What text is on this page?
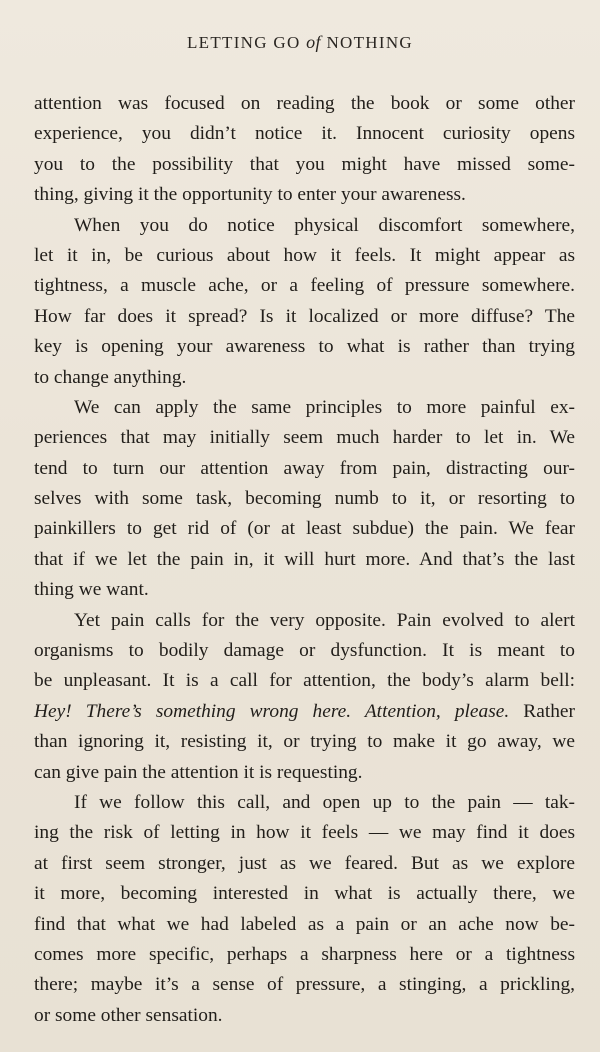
LETTING GO of NOTHING
attention was focused on reading the book or some other
experience, you didn’t notice it. Innocent curiosity opens
you to the possibility that you might have missed some-
thing, giving it the opportunity to enter your awareness.
When you do notice physical discomfort somewhere,
let it in, be curious about how it feels. It might appear as
tightness, a muscle ache, or a feeling of pressure somewhere.
How far does it spread? Is it localized or more diffuse? The
key is opening your awareness to what is rather than trying
to change anything.
We can apply the same principles to more painful ex-
periences that may initially seem much harder to let in. We
tend to turn our attention away from pain, distracting our-
selves with some task, becoming numb to it, or resorting to
painkillers to get rid of (or at least subdue) the pain. We fear
that if we let the pain in, it will hurt more. And that’s the last
thing we want.
Yet pain calls for the very opposite. Pain evolved to alert
organisms to bodily damage or dysfunction. It is meant to
be unpleasant. It is a call for attention, the body’s alarm bell:
Hey! There’s something wrong here. Attention, please. Rather
than ignoring it, resisting it, or trying to make it go away, we
can give pain the attention it is requesting.
If we follow this call, and open up to the pain — tak-
ing the risk of letting in how it feels — we may find it does
at first seem stronger, just as we feared. But as we explore
it more, becoming interested in what is actually there, we
find that what we had labeled as a pain or an ache now be-
comes more specific, perhaps a sharpness here or a tightness
there; maybe it’s a sense of pressure, a stinging, a prickling,
or some other sensation.
